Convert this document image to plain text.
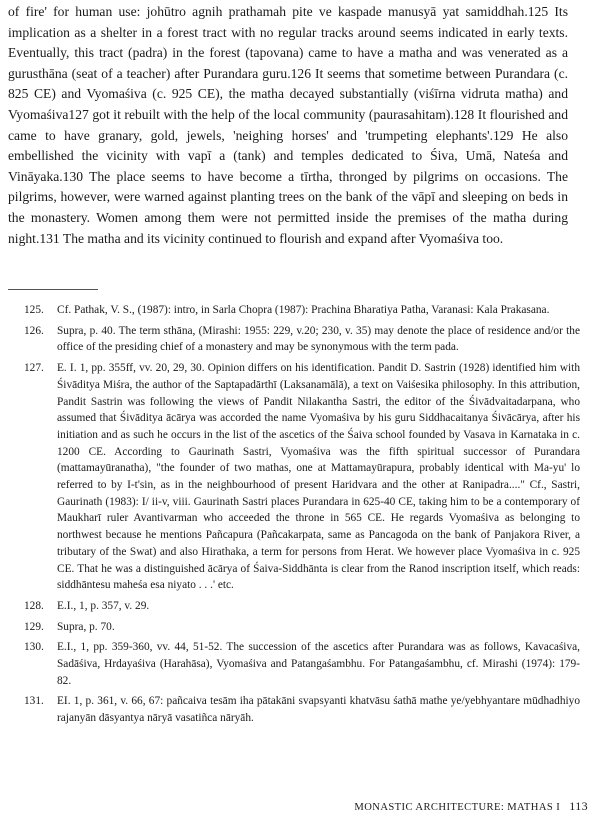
of fire' for human use: johūtro agnih prathamah pite ve kaspade manusyā yat samiddhah.125 Its implication as a shelter in a forest tract with no regular tracks around seems indicated in early texts. Eventually, this tract (padra) in the forest (tapovana) came to have a matha and was venerated as a gurusthāna (seat of a teacher) after Purandara guru.126 It seems that sometime between Purandara (c. 825 CE) and Vyomaśiva (c. 925 CE), the matha decayed substantially (viśīrna vidruta matha) and Vyomaśiva127 got it rebuilt with the help of the local community (paurasahitam).128 It flourished and came to have granary, gold, jewels, 'neighing horses' and 'trumpeting elephants'.129 He also embellished the vicinity with vapī a (tank) and temples dedicated to Śiva, Umā, Nateśa and Vināyaka.130 The place seems to have become a tīrtha, thronged by pilgrims on occasions. The pilgrims, however, were warned against planting trees on the bank of the vāpī and sleeping on beds in the monastery. Women among them were not permitted inside the premises of the matha during night.131 The matha and its vicinity continued to flourish and expand after Vyomaśiva too.

125. Cf. Pathak, V. S., (1987): intro, in Sarla Chopra (1987): Prachina Bharatiya Patha, Varanasi: Kala Prakasana.
126. Supra, p. 40. The term sthāna, (Mirashi: 1955: 229, v.20; 230, v. 35) may denote the place of residence and/or the office of the presiding chief of a monastery and may be synonymous with the term pada.
127. E. I. 1, pp. 355ff, vv. 20, 29, 30. Opinion differs on his identification. Pandit D. Sastrin (1928) identified him with Śivāditya Miśra, the author of the Saptapadārthī (Laksanamālā), a text on Vaiśesika philosophy. In this attribution, Pandit Sastrin was following the views of Pandit Nilakantha Sastri, the editor of the Śivādvaitadarpana, who assumed that Śivāditya ācārya was accorded the name Vyomaśiva by his guru Siddhacaitanya Śivācārya, after his initiation and as such he occurs in the list of the ascetics of the Śaiva school founded by Vasava in Karnataka in c. 1200 CE. According to Gaurinath Sastri, Vyomaśiva was the fifth spiritual successor of Purandara (mattamayūranatha), "the founder of two mathas, one at Mattamayūrapura, probably identical with Ma-yu' lo referred to by I-t'sin, as in the neighbourhood of present Haridvara and the other at Ranipadra...." Cf., Sastri, Gaurinath (1983): I/ ii-v, viii. Gaurinath Sastri places Purandara in 625-40 CE, taking him to be a contemporary of Maukharī ruler Avantivarman who acceeded the throne in 565 CE. He regards Vyomaśiva as belonging to northwest because he mentions Pañcapura (Pañcakarpata, same as Pancagoda on the bank of Panjakora River, a tributary of the Swat) and also Hirathaka, a term for persons from Herat. We however place Vyomaśiva in c. 925 CE. That he was a distinguished ācārya of Śaiva-Siddhānta is clear from the Ranod inscription itself, which reads: siddhāntesu maheśa esa niyato . . .' etc.
128. E.I., 1, p. 357, v. 29.
129. Supra, p. 70.
130. E.I., 1, pp. 359-360, vv. 44, 51-52. The succession of the ascetics after Purandara was as follows, Kavacaśiva, Sadāśiva, Hrdayaśiva (Harahāsa), Vyomaśiva and Patangaśambhu. For Patangaśambhu, cf. Mirashi (1974): 179-82.
131. EI. 1, p. 361, v. 66, 67: pañcaiva tesām iha pātakāni svapsyanti khatvāsu śathā mathe ye/yebhyantare mūdhadhiyo rajanyān dāsyantya nāryā vasatiñca nāryāh.
MONASTIC ARCHITECTURE: MATHAS I 113
